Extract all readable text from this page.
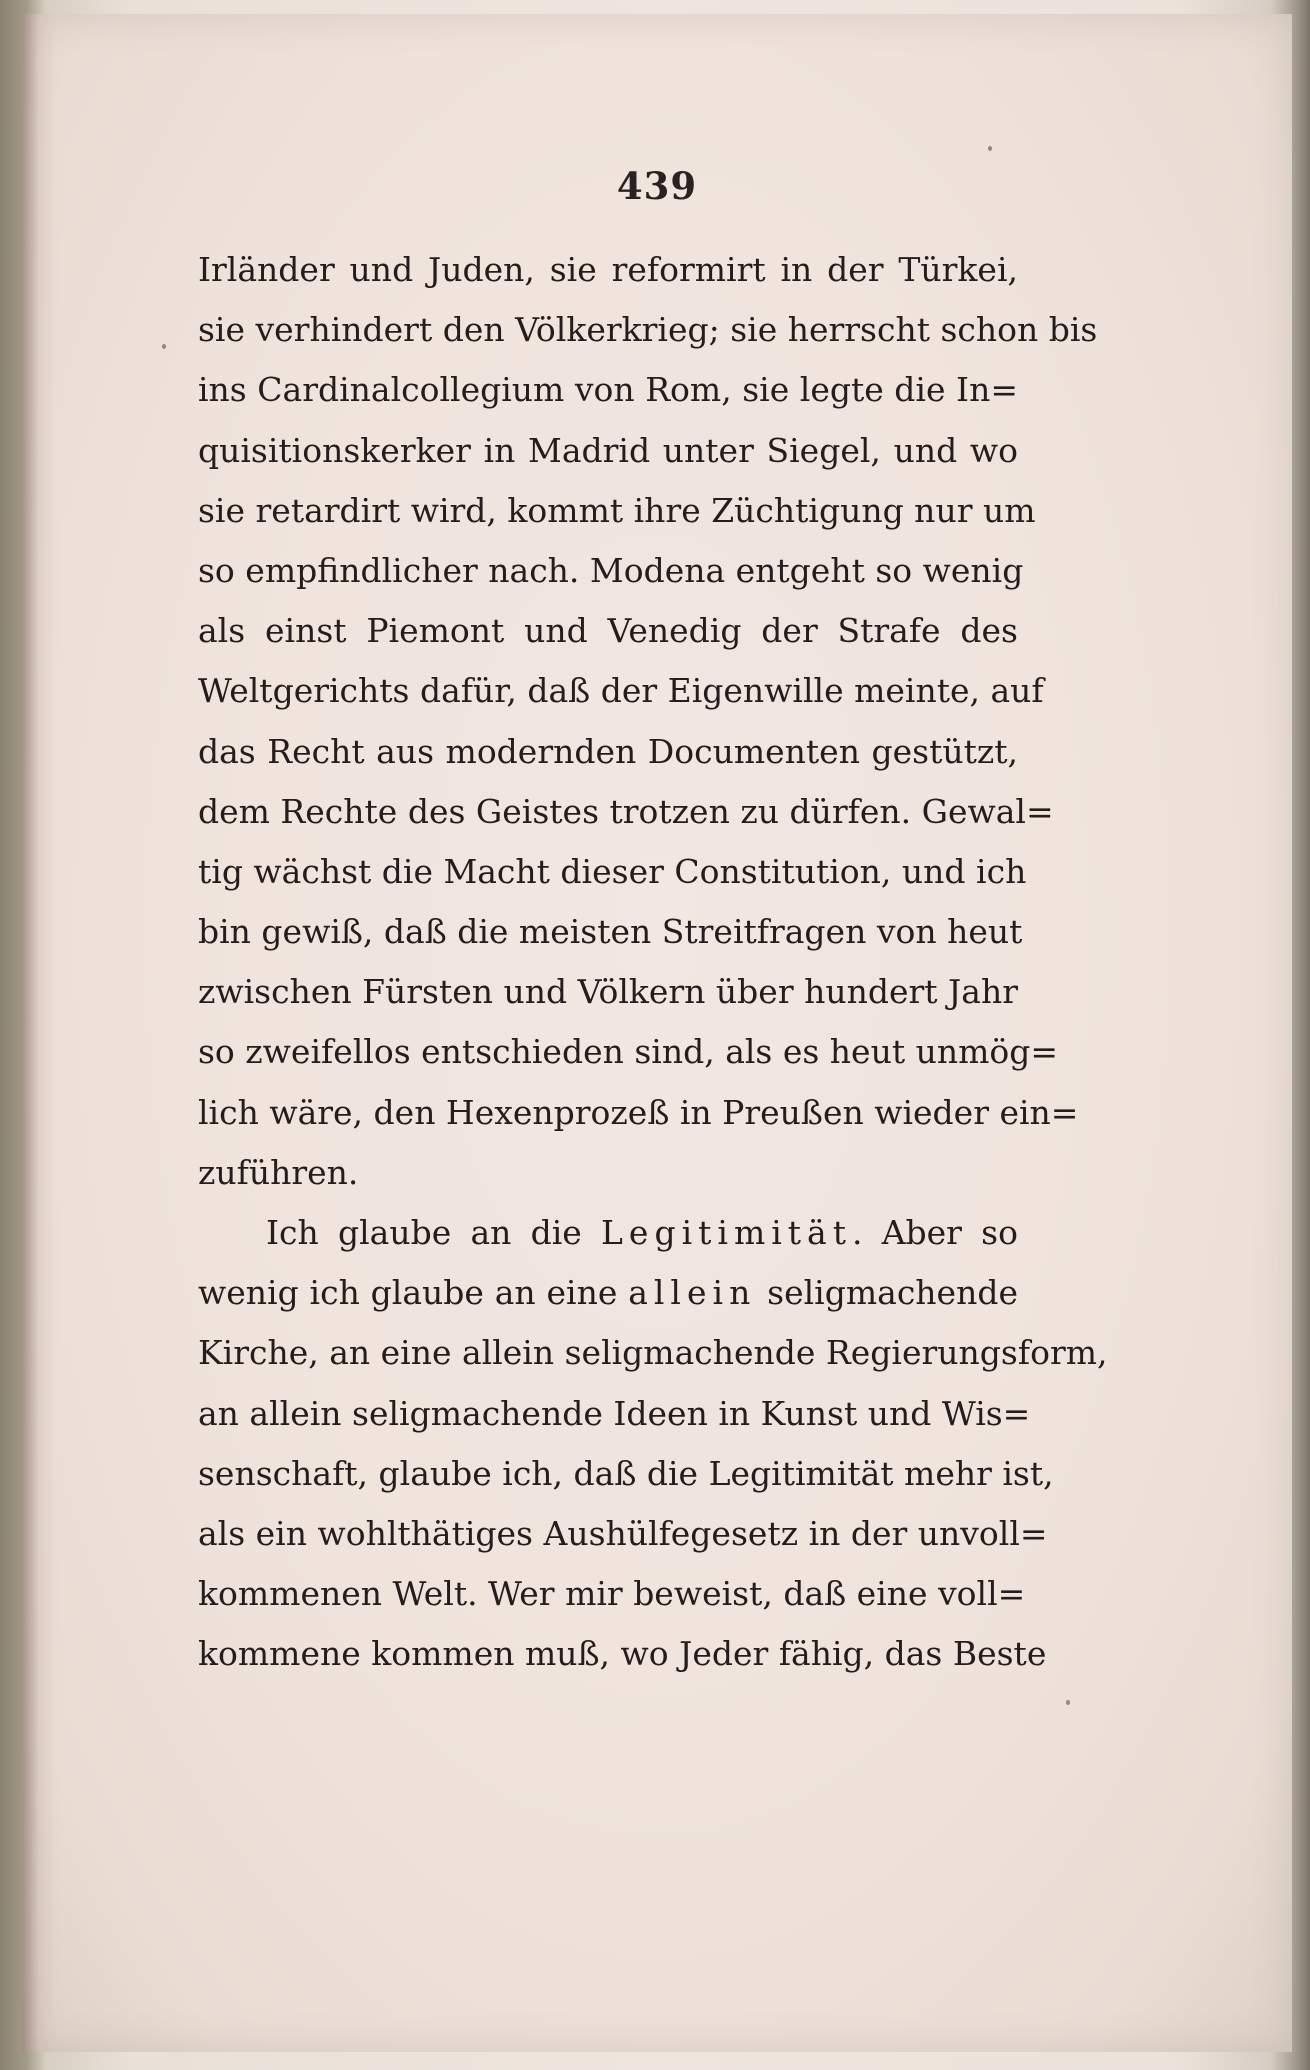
439
Irländer und Juden, sie reformirt in der Türkei,
sie verhindert den Völkerkrieg; sie herrscht schon bis
ins Cardinalcollegium von Rom, sie legte die In=
quisitionskerker in Madrid unter Siegel, und wo
sie retardirt wird, kommt ihre Züchtigung nur um
so empfindlicher nach. Modena entgeht so wenig
als einst Piemont und Venedig der Strafe des
Weltgerichts dafür, daß der Eigenwille meinte, auf
das Recht aus modernden Documenten gestützt,
dem Rechte des Geistes trotzen zu dürfen. Gewal=
tig wächst die Macht dieser Constitution, und ich
bin gewiß, daß die meisten Streitfragen von heut
zwischen Fürsten und Völkern über hundert Jahr
so zweifellos entschieden sind, als es heut unmög=
lich wäre, den Hexenprozeß in Preußen wieder ein=
zuführen.
Ich glaube an die Legitimität. Aber so
wenig ich glaube an eine allein seligmachende
Kirche, an eine allein seligmachende Regierungsform,
an allein seligmachende Ideen in Kunst und Wis=
senschaft, glaube ich, daß die Legitimität mehr ist,
als ein wohlthätiges Aushülfegesetz in der unvoll=
kommenen Welt. Wer mir beweist, daß eine voll=
kommene kommen muß, wo Jeder fähig, das Beste
